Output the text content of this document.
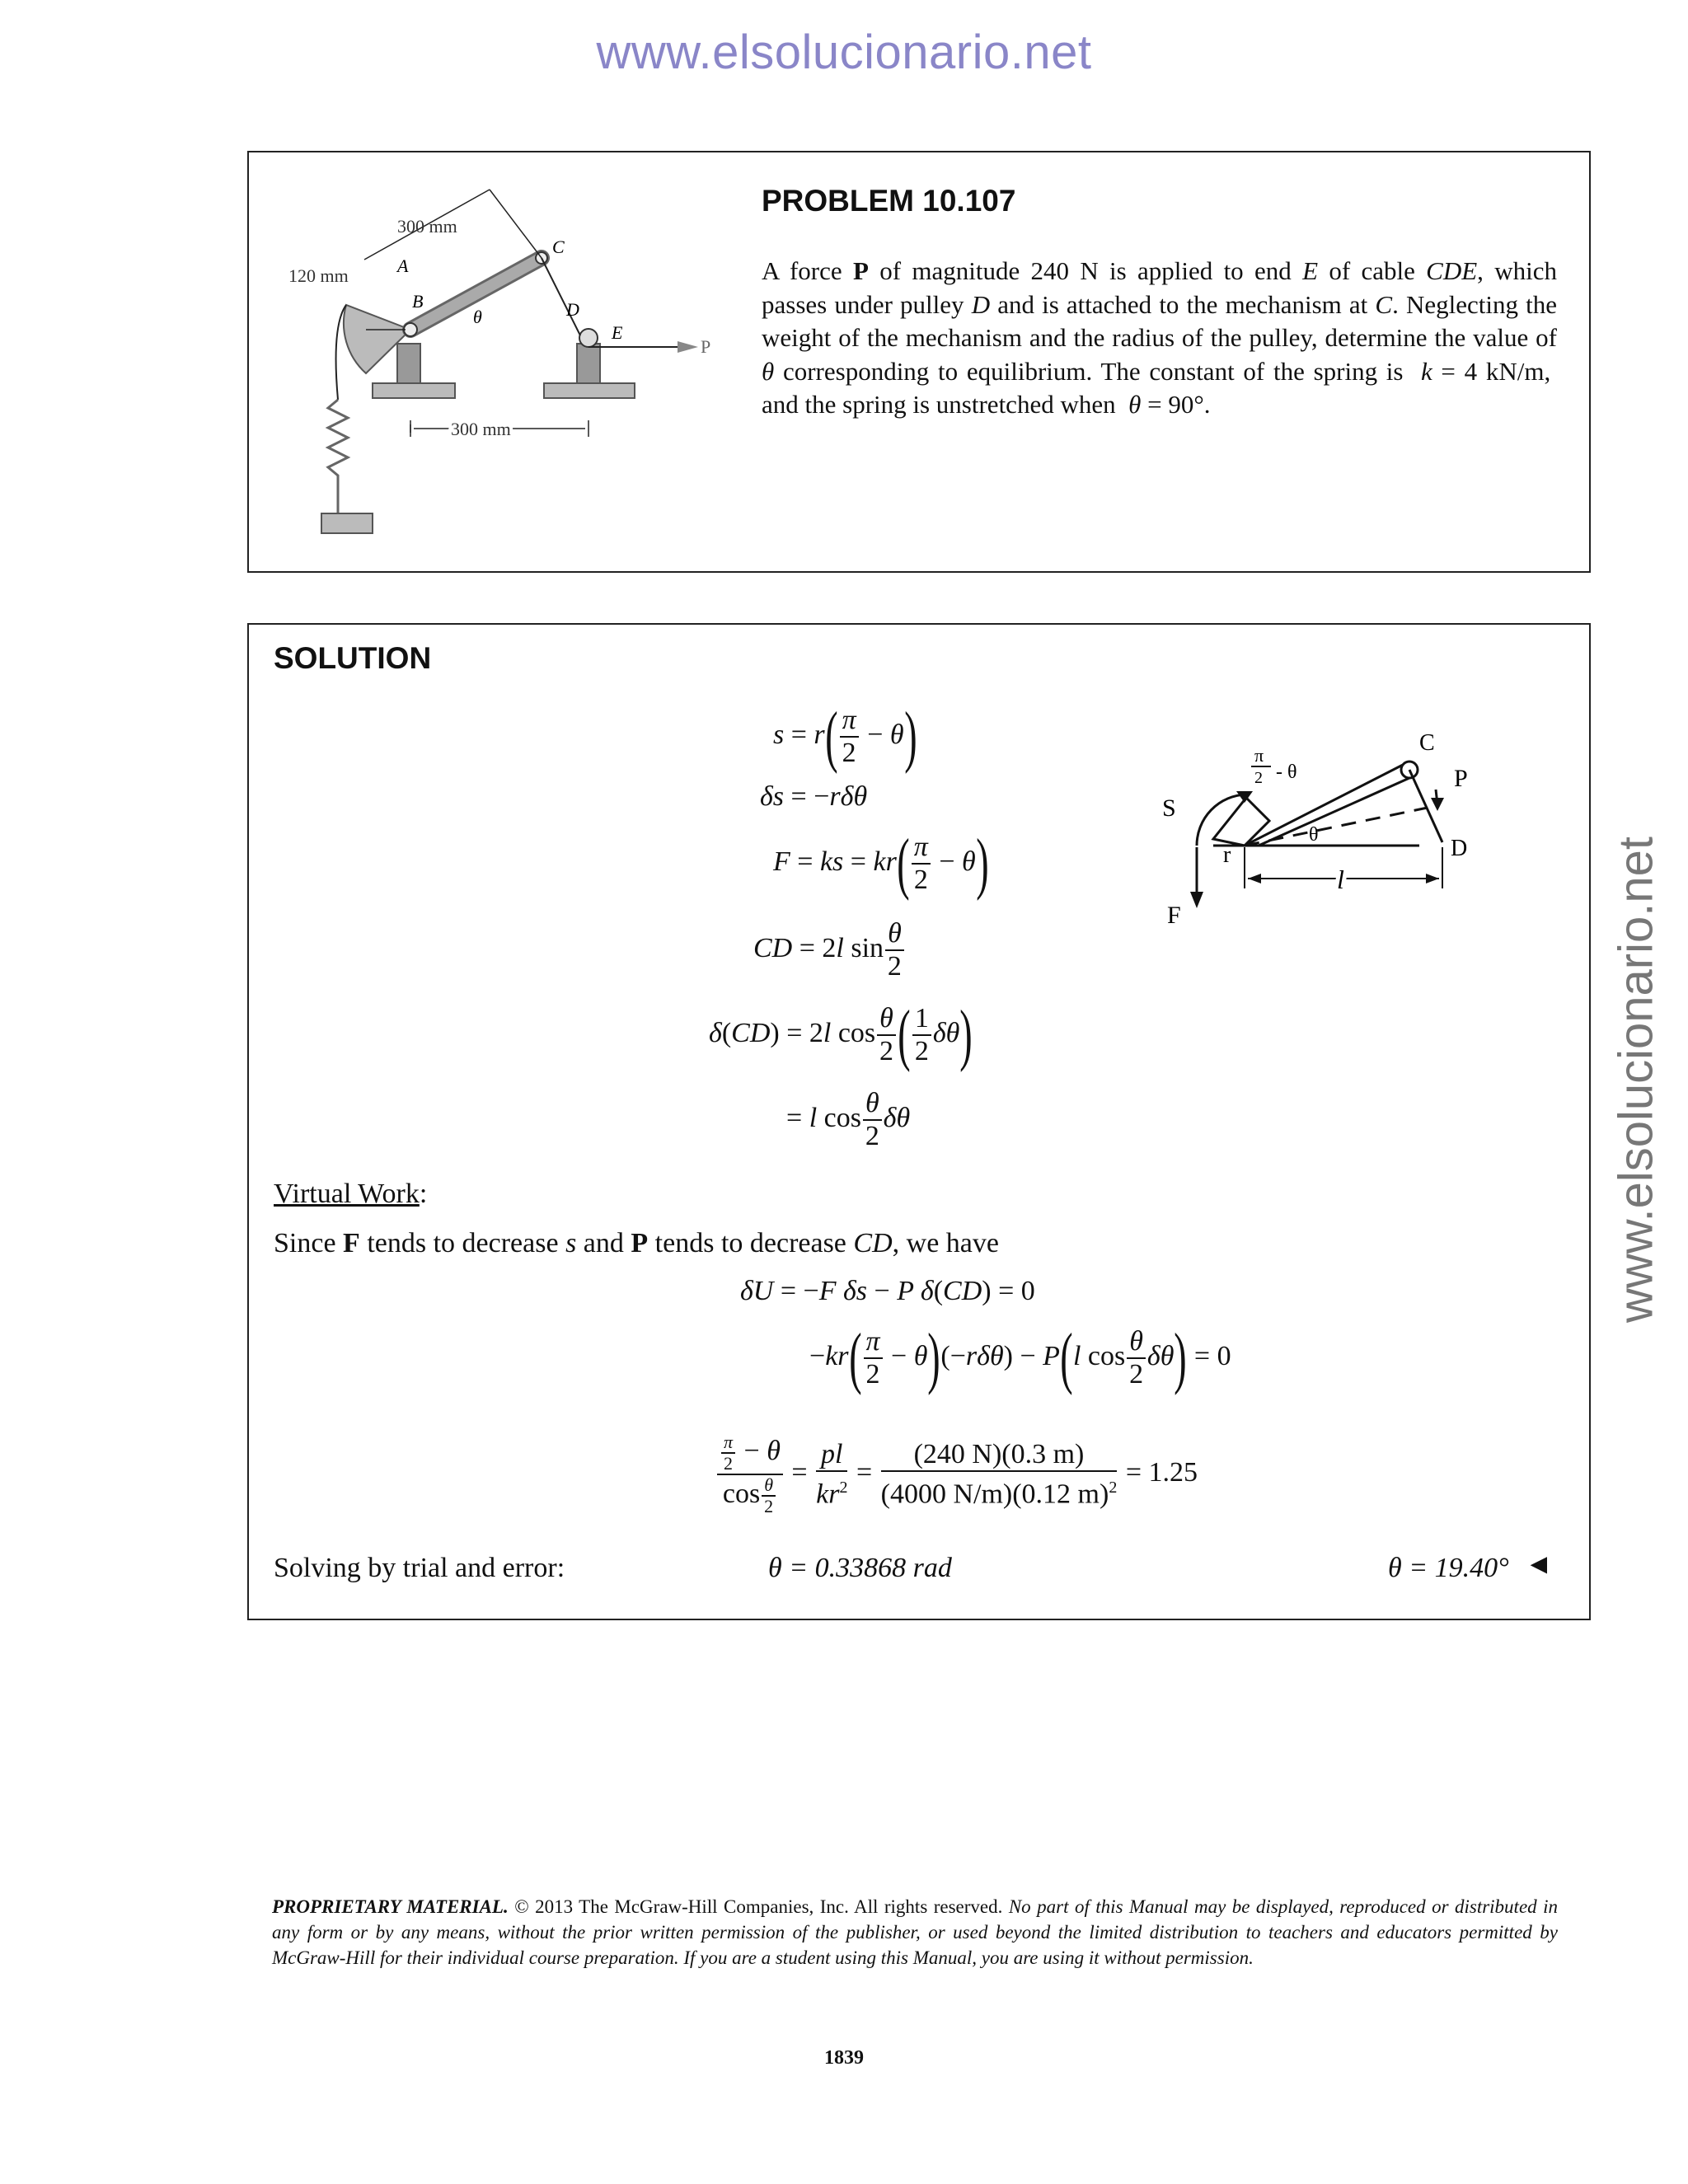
www.elsolucionario.net
www.elsolucionario.net
300 mm
120 mm
300 mm
A
B
C
D
E
P
θ
PROBLEM 10.107
A force P of magnitude 240 N is applied to end E of cable CDE, which passes under pulley D and is attached to the mechanism at C. Neglecting the weight of the mechanism and the radius of the pulley, determine the value of θ corresponding to equilibrium. The constant of the spring is  k = 4 kN/m,  and the spring is unstretched when  θ = 90°.
SOLUTION
$s = r( \frac{\pi}{2} - \theta)$
δs = −rδθ
F = ks = $kr( \frac{\pi}{2} - \theta)$
CD = 2l $\sin \frac{\theta}{2}$
δ(CD) = 2l $\cos \frac{\theta}{2}$ ( $\frac{1}{2} \delta\theta$)
= l $\cos \frac{\theta}{2}$ δθ
C
D
S
r
F
P
θ
l
π
2 - θ
Virtual Work:
Since F tends to decrease s and P tends to decrease CD, we have
δU = −F δs − P δ(CD) = 0
$-kr( \frac{\pi}{2} - \theta)(-r\delta\theta) - P(l$ $\cos \frac{\theta}{2} \delta\theta) = 0$
$\frac{\frac{\pi}{2} - \theta}{\cos \frac{\theta}{2}} = \frac{pl}{kr^2} = \frac{(240 N)(0.3 m)}{(4000 N/m)(0.12 m)^2} = 1.25$
Solving by trial and error:	θ = 0.33868 rad	θ = 19.40° ◄
PROPRIETARY MATERIAL. © 2013 The McGraw-Hill Companies, Inc. All rights reserved. No part of this Manual may be displayed, reproduced or distributed in any form or by any means, without the prior written permission of the publisher, or used beyond the limited distribution to teachers and educators permitted by McGraw-Hill for their individual course preparation. If you are a student using this Manual, you are using it without permission.
1839
